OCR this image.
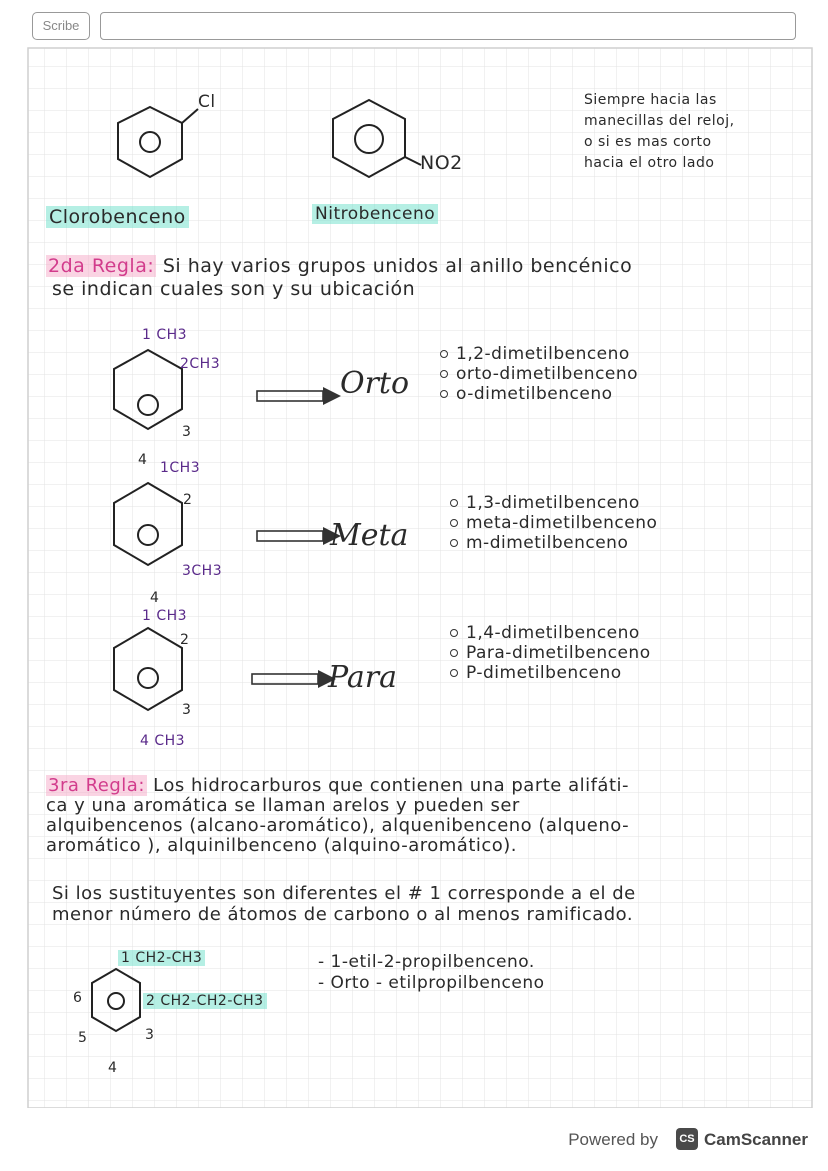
Scribe
Cl
Clorobenceno
NO2
Nitrobenceno
Siempre hacia las
manecillas del reloj,
o si es mas corto
hacia el otro lado
2da Regla: Si hay varios grupos unidos al anillo bencénico
se indican cuales son y su ubicación
1 CH3
2CH3
3
4
Orto
1,2-dimetilbenceno
orto-dimetilbenceno
o-dimetilbenceno
1CH3
2
3CH3
4
Meta
1,3-dimetilbenceno
meta-dimetilbenceno
m-dimetilbenceno
1 CH3
2
3
4 CH3
Para
1,4-dimetilbenceno
Para-dimetilbenceno
P-dimetilbenceno
3ra Regla: Los hidrocarburos que contienen una parte alifáti-
ca y una aromática se llaman arelos y pueden ser
alquibencenos (alcano-aromático), alquenibenceno (alqueno-
aromático ), alquinilbenceno (alquino-aromático).
Si los sustituyentes son diferentes el # 1 corresponde a el de
menor número de átomos de carbono o al menos ramificado.
1 CH2-CH3
2 CH2-CH2-CH3
3
4
5
6
- 1-etil-2-propilbenceno.
- Orto - etilpropilbenceno
Powered by	CS CamScanner
